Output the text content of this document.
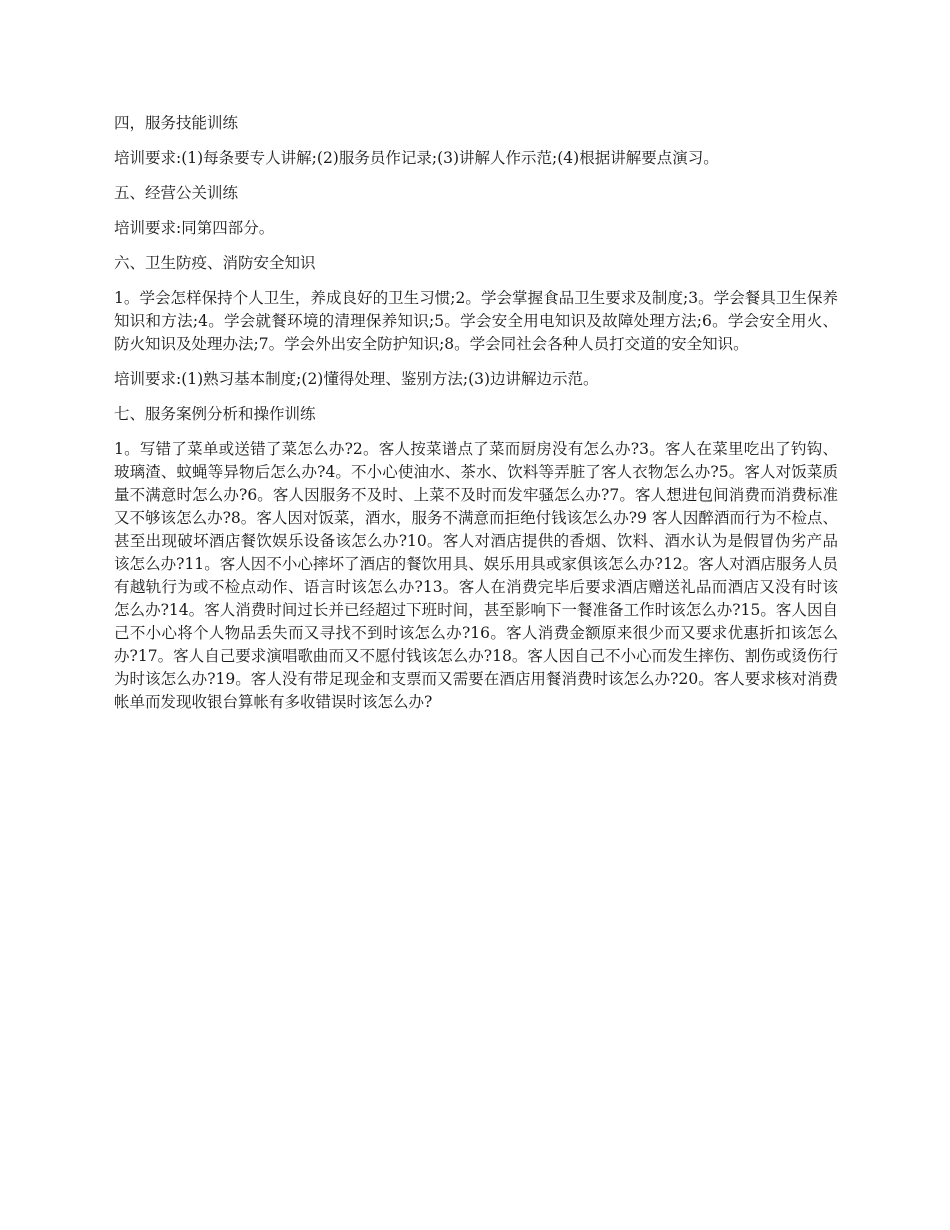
四，服务技能训练

培训要求:(1)每条要专人讲解;(2)服务员作记录;(3)讲解人作示范;(4)根据讲解要点演习。

五、经营公关训练

培训要求:同第四部分。

六、卫生防疫、消防安全知识

1。学会怎样保持个人卫生，养成良好的卫生习惯;2。学会掌握食品卫生要求及制度;3。学会餐具卫生保养知识和方法;4。学会就餐环境的清理保养知识;5。学会安全用电知识及故障处理方法;6。学会安全用火、防火知识及处理办法;7。学会外出安全防护知识;8。学会同社会各种人员打交道的安全知识。

培训要求:(1)熟习基本制度;(2)懂得处理、鉴别方法;(3)边讲解边示范。

七、服务案例分析和操作训练

1。写错了菜单或送错了菜怎么办?2。客人按菜谱点了菜而厨房没有怎么办?3。客人在菜里吃出了钓钩、玻璃渣、蚊蝇等异物后怎么办?4。不小心使油水、茶水、饮料等弄脏了客人衣物怎么办?5。客人对饭菜质量不满意时怎么办?6。客人因服务不及时、上菜不及时而发牢骚怎么办?7。客人想进包间消费而消费标准又不够该怎么办?8。客人因对饭菜，酒水，服务不满意而拒绝付钱该怎么办?9 客人因醉酒而行为不检点、甚至出现破坏酒店餐饮娱乐设备该怎么办?10。客人对酒店提供的香烟、饮料、酒水认为是假冒伪劣产品该怎么办?11。客人因不小心摔坏了酒店的餐饮用具、娱乐用具或家俱该怎么办?12。客人对酒店服务人员有越轨行为或不检点动作、语言时该怎么办?13。客人在消费完毕后要求酒店赠送礼品而酒店又没有时该怎么办?14。客人消费时间过长并已经超过下班时间，甚至影响下一餐准备工作时该怎么办?15。客人因自己不小心将个人物品丢失而又寻找不到时该怎么办?16。客人消费金额原来很少而又要求优惠折扣该怎么办?17。客人自己要求演唱歌曲而又不愿付钱该怎么办?18。客人因自己不小心而发生摔伤、割伤或烫伤行为时该怎么办?19。客人没有带足现金和支票而又需要在酒店用餐消费时该怎么办?20。客人要求核对消费帐单而发现收银台算帐有多收错误时该怎么办?
